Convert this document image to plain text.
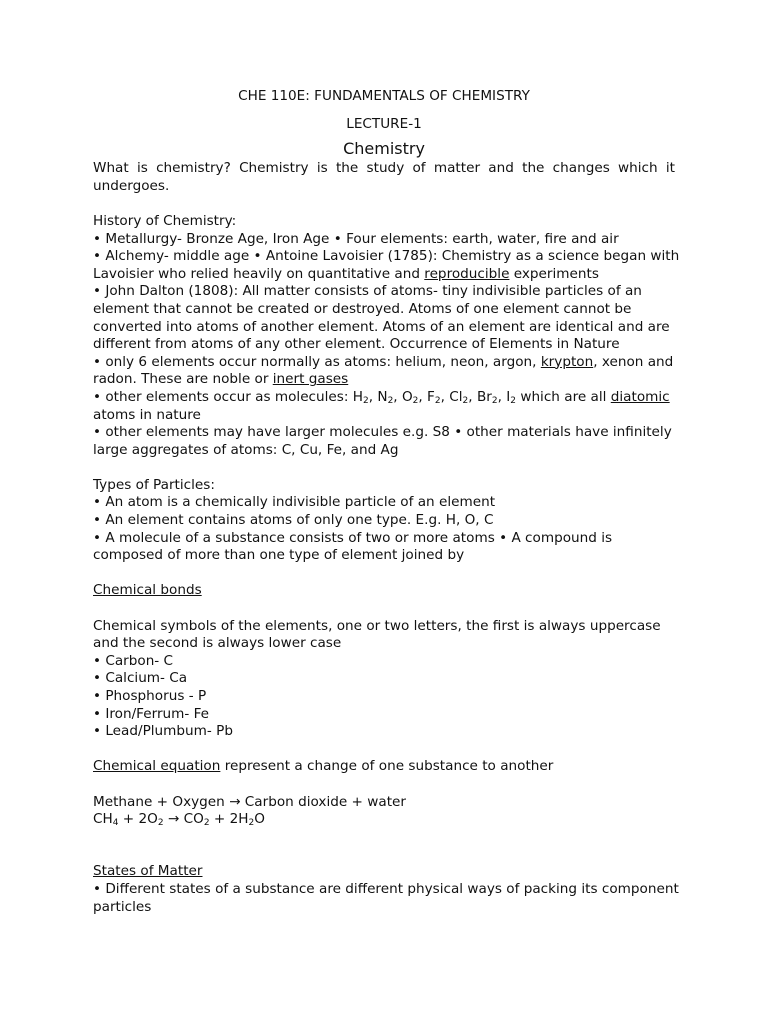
CHE 110E: FUNDAMENTALS OF CHEMISTRY

LECTURE-1

Chemistry

What is chemistry? Chemistry is the study of matter and the changes which it undergoes.

History of Chemistry:

• Metallurgy- Bronze Age, Iron Age • Four elements: earth, water, fire and air

• Alchemy- middle age • Antoine Lavoisier (1785): Chemistry as a science began with

Lavoisier who relied heavily on quantitative and reproducible experiments

• John Dalton (1808): All matter consists of atoms- tiny indivisible particles of an

element that cannot be created or destroyed. Atoms of one element cannot be

converted into atoms of another element. Atoms of an element are identical and are

different from atoms of any other element. Occurrence of Elements in Nature

• only 6 elements occur normally as atoms: helium, neon, argon, krypton, xenon and

radon. These are noble or inert gases

• other elements occur as molecules: $H_2$, $N_2$, $O_2$, $F_2$, $Cl_2$, $Br_2$, $I_2$ which are all diatomic

atoms in nature

• other elements may have larger molecules e.g. S8 • other materials have infinitely

large aggregates of atoms: C, Cu, Fe, and Ag

Types of Particles:

• An atom is a chemically indivisible particle of an element

• An element contains atoms of only one type. E.g. H, O, C

• A molecule of a substance consists of two or more atoms • A compound is

composed of more than one type of element joined by

Chemical bonds

Chemical symbols of the elements, one or two letters, the first is always uppercase

and the second is always lower case

• Carbon- C

• Calcium- Ca

• Phosphorus - P

• Iron/Ferrum- Fe

• Lead/Plumbum- Pb

Chemical equation represent a change of one substance to another

Methane + Oxygen → Carbon dioxide + water

$CH_4 + 2O_2 \to CO_2 + 2H_2O$

States of Matter

• Different states of a substance are different physical ways of packing its component

particles
